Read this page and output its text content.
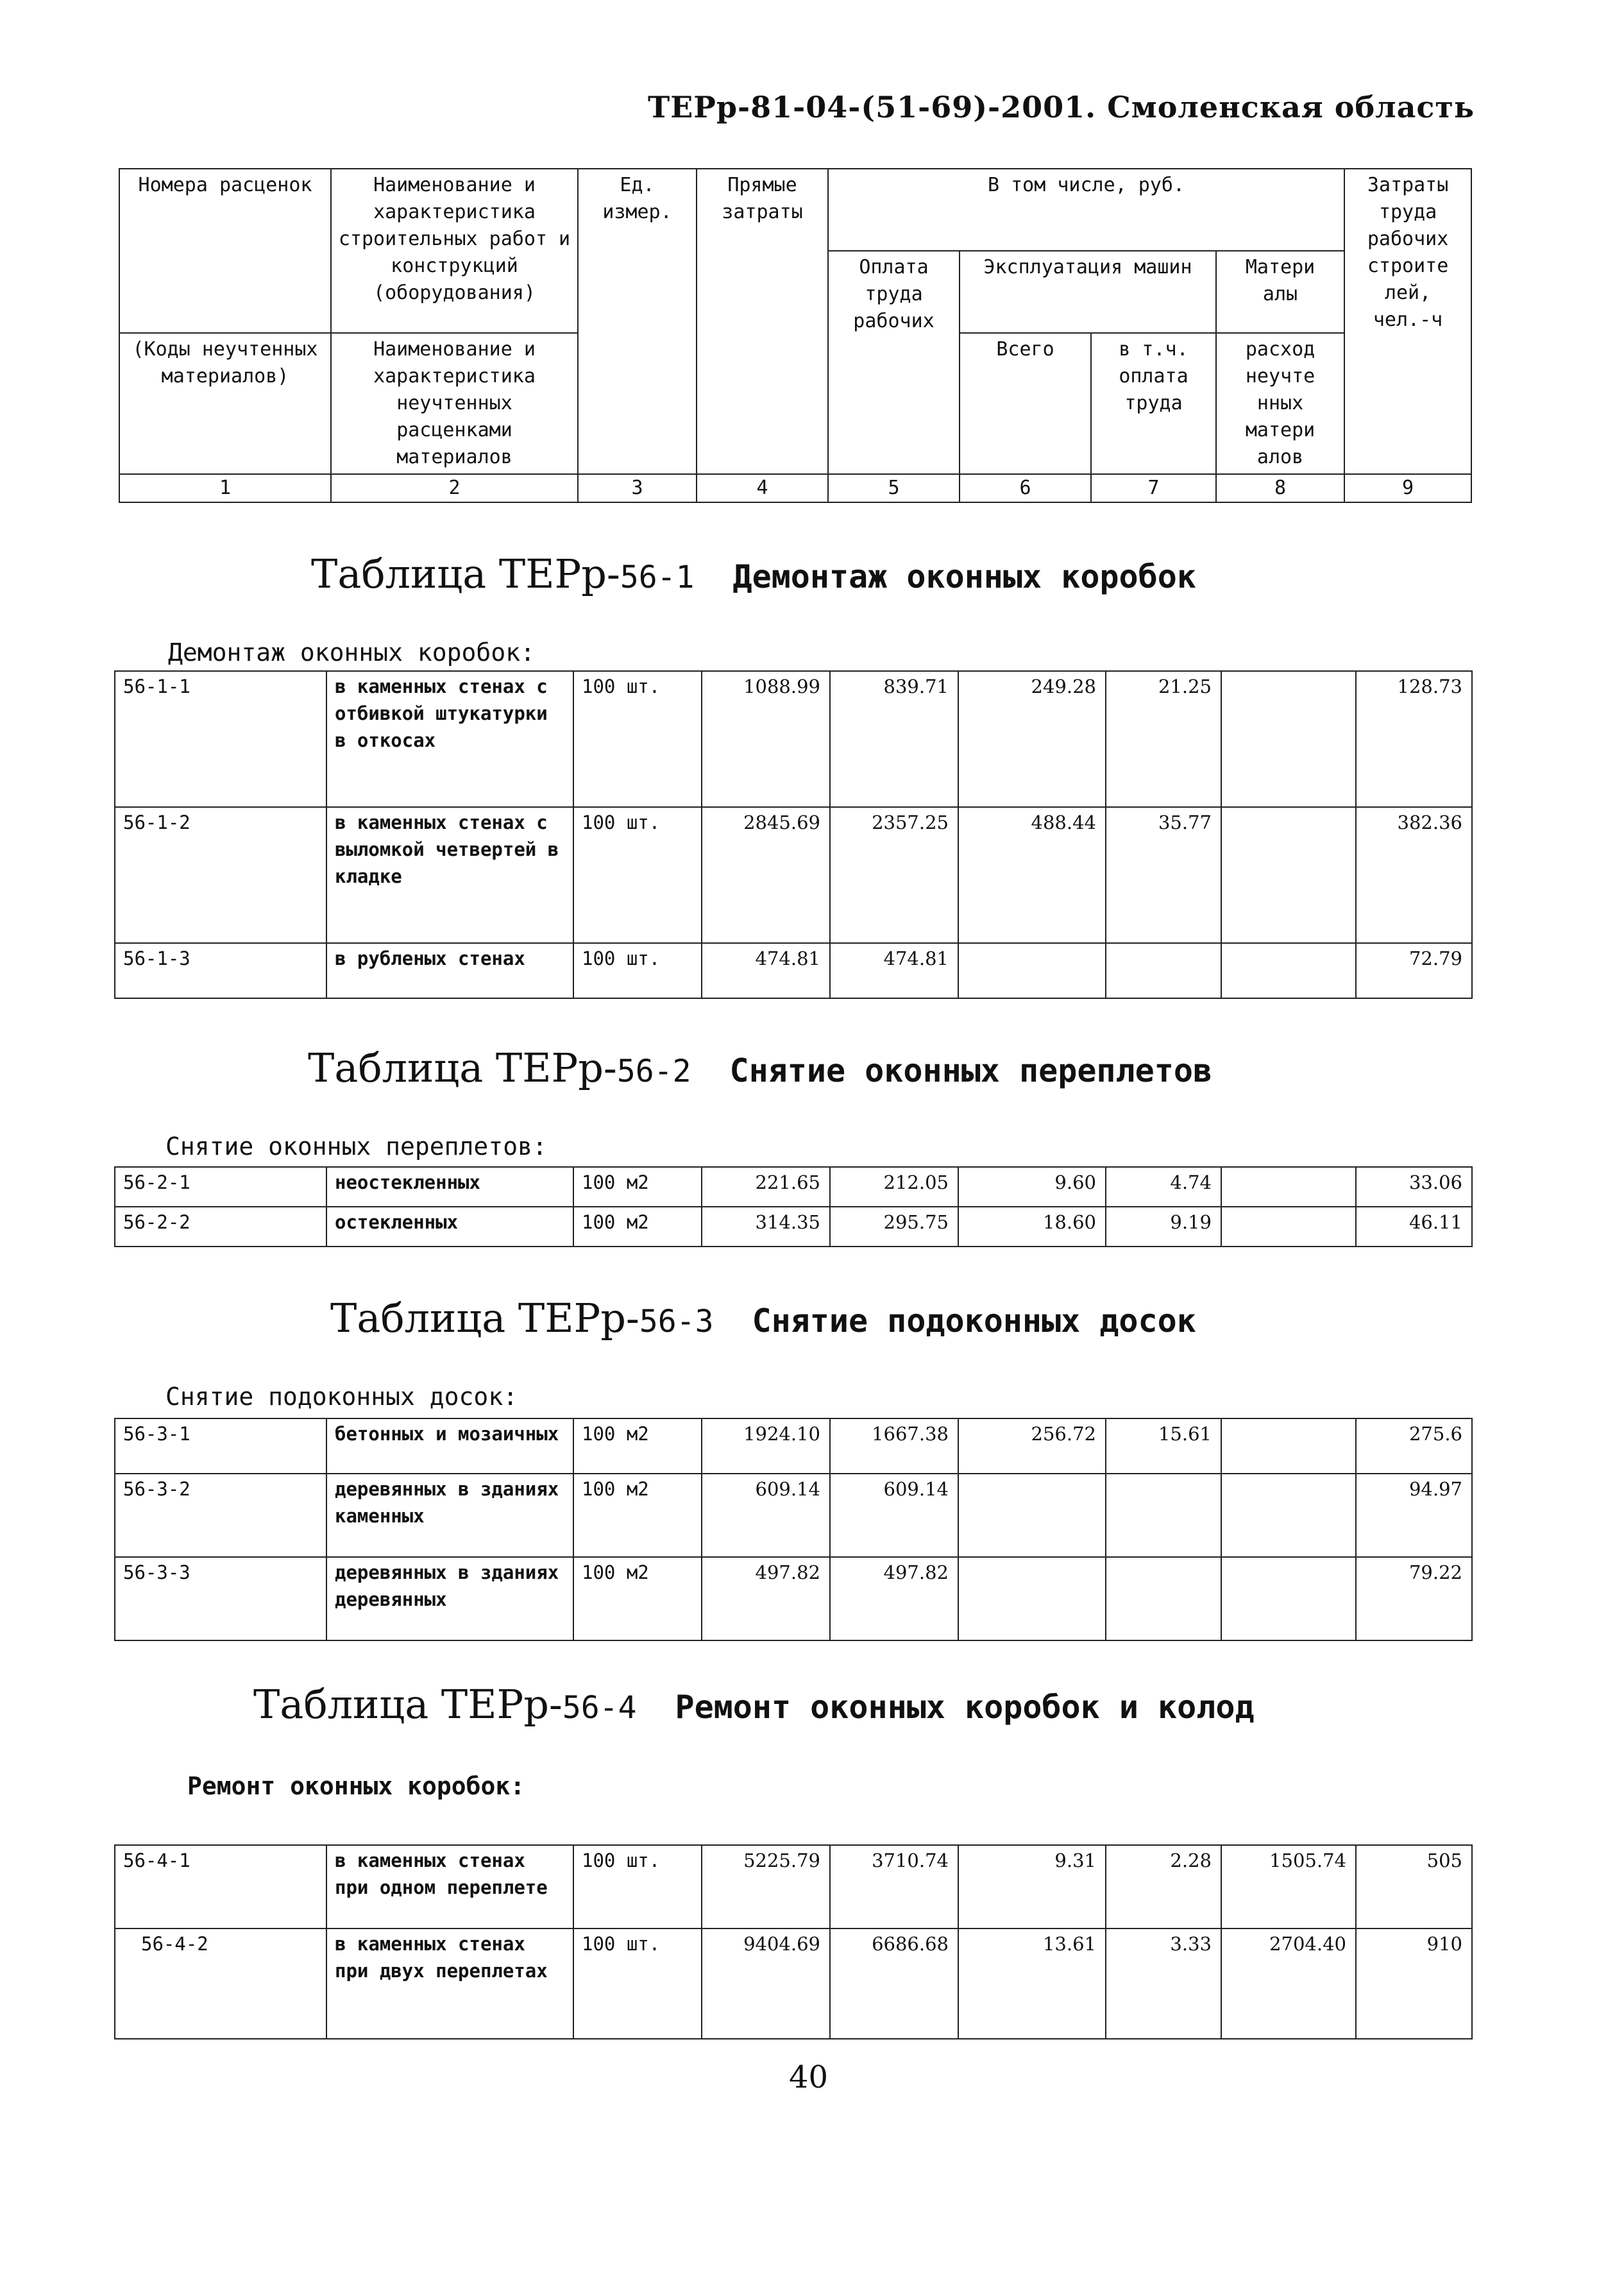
ТЕРр-81-04-(51-69)-2001. Смоленская область
Номера расценок	Наименование и характеристика строительных работ и конструкций (оборудования)	Ед. измер.	Прямые затраты	В том числе, руб.				Затраты труда рабочих строите лей, чел.-ч
				Оплата труда рабочих	Эксплуатация машин		Матери алы	
(Коды неучтенных материалов)	Наименование и характеристика неучтенных расценками материалов				Всего	в т.ч. оплата труда	расход неучте нных матери алов	

1	2	3	4	5	6	7	8	9
Таблица ТЕРр-56-1 Демонтаж оконных коробок
Демонтаж оконных коробок:
56-1-1	в каменных стенах с отбивкой штукатурки в откосах	100 шт.	1088.99	839.71	249.28	21.25		128.73
56-1-2	в каменных стенах с выломкой четвертей в кладке	100 шт.	2845.69	2357.25	488.44	35.77		382.36
56-1-3	в рубленых стенах	100 шт.	474.81	474.81				72.79
Таблица ТЕРр-56-2 Снятие оконных переплетов
Снятие оконных переплетов:
56-2-1	неостекленных	100 м2	221.65	212.05	9.60	4.74		33.06
56-2-2	остекленных	100 м2	314.35	295.75	18.60	9.19		46.11
Таблица ТЕРр-56-3 Снятие подоконных досок
Снятие подоконных досок:
56-3-1	бетонных и мозаичных	100 м2	1924.10	1667.38	256.72	15.61		275.6
56-3-2	деревянных в зданиях каменных	100 м2	609.14	609.14				94.97
56-3-3	деревянных в зданиях деревянных	100 м2	497.82	497.82				79.22
Таблица ТЕРр-56-4 Ремонт оконных коробок и колод
Ремонт оконных коробок:
56-4-1	в каменных стенах при одном переплете	100 шт.	5225.79	3710.74	9.31	2.28	1505.74	505
56-4-2	в каменных стенах при двух переплетах	100 шт.	9404.69	6686.68	13.61	3.33	2704.40	910
40
